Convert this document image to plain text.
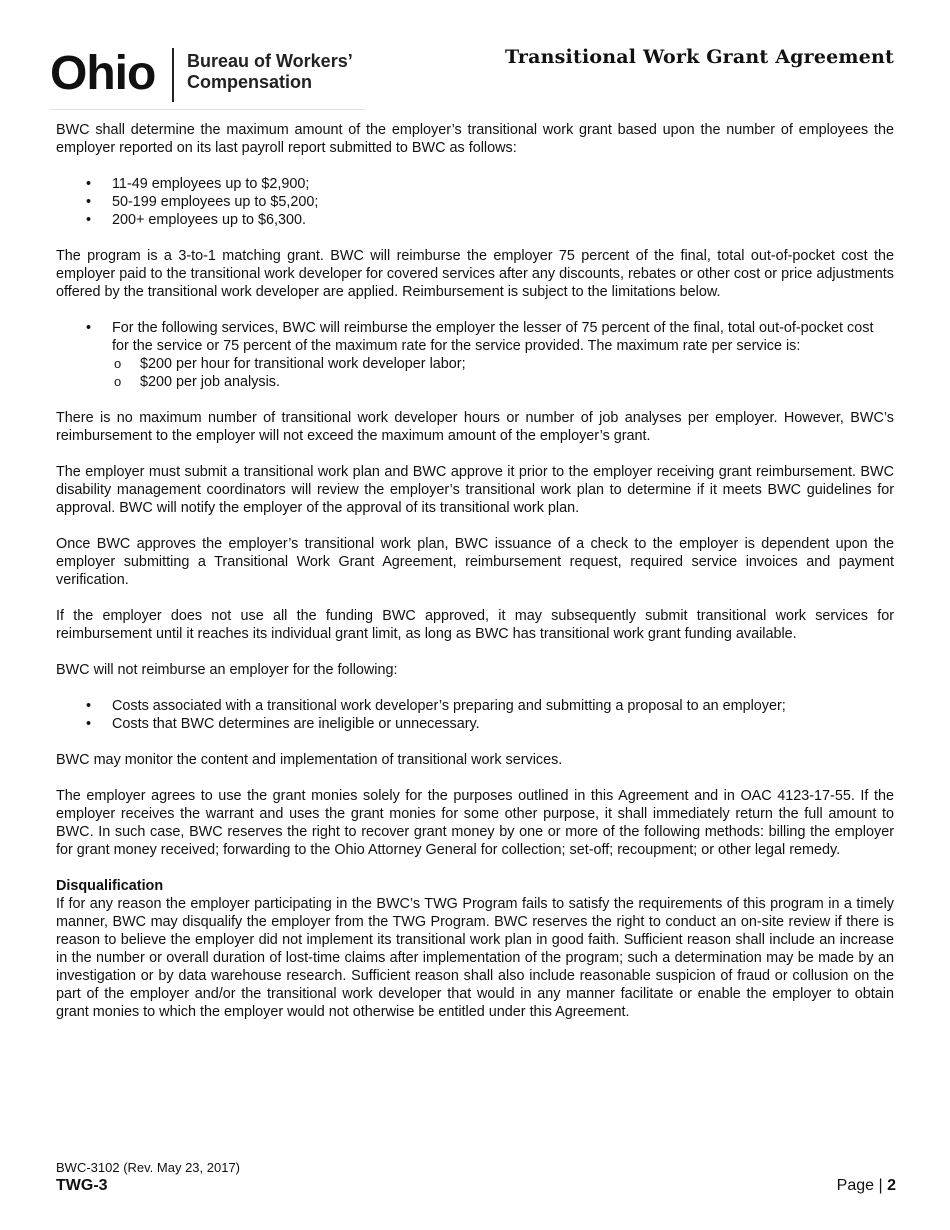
Ohio Bureau of Workers’
Compensation
Transitional Work Grant Agreement

BWC shall determine the maximum amount of the employer’s transitional work grant based upon the number of employees the employer reported on its last payroll report submitted to BWC as follows:

• 11-49 employees up to $2,900;
• 50-199 employees up to $5,200;
• 200+ employees up to $6,300.

The program is a 3-to-1 matching grant. BWC will reimburse the employer 75 percent of the final, total out-of-pocket cost the employer paid to the transitional work developer for covered services after any discounts, rebates or other cost or price adjustments offered by the transitional work developer are applied. Reimbursement is subject to the limitations below.

• For the following services, BWC will reimburse the employer the lesser of 75 percent of the final, total out-of-pocket cost for the service or 75 percent of the maximum rate for the service provided. The maximum rate per service is:
o $200 per hour for transitional work developer labor;
o $200 per job analysis.

There is no maximum number of transitional work developer hours or number of job analyses per employer. However, BWC’s reimbursement to the employer will not exceed the maximum amount of the employer’s grant.

The employer must submit a transitional work plan and BWC approve it prior to the employer receiving grant reimbursement. BWC disability management coordinators will review the employer’s transitional work plan to determine if it meets BWC guidelines for approval. BWC will notify the employer of the approval of its transitional work plan.

Once BWC approves the employer’s transitional work plan, BWC issuance of a check to the employer is dependent upon the employer submitting a Transitional Work Grant Agreement, reimbursement request, required service invoices and payment verification.

If the employer does not use all the funding BWC approved, it may subsequently submit transitional work services for reimbursement until it reaches its individual grant limit, as long as BWC has transitional work grant funding available.

BWC will not reimburse an employer for the following:

• Costs associated with a transitional work developer’s preparing and submitting a proposal to an employer;
• Costs that BWC determines are ineligible or unnecessary.

BWC may monitor the content and implementation of transitional work services.

The employer agrees to use the grant monies solely for the purposes outlined in this Agreement and in OAC 4123-17-55. If the employer receives the warrant and uses the grant monies for some other purpose, it shall immediately return the full amount to BWC. In such case, BWC reserves the right to recover grant money by one or more of the following methods: billing the employer for grant money received; forwarding to the Ohio Attorney General for collection; set-off; recoupment; or other legal remedy.

Disqualification
If for any reason the employer participating in the BWC’s TWG Program fails to satisfy the requirements of this program in a timely manner, BWC may disqualify the employer from the TWG Program. BWC reserves the right to conduct an on-site review if there is reason to believe the employer did not implement its transitional work plan in good faith. Sufficient reason shall include an increase in the number or overall duration of lost-time claims after implementation of the program; such a determination may be made by an investigation or by data warehouse research. Sufficient reason shall also include reasonable suspicion of fraud or collusion on the part of the employer and/or the transitional work developer that would in any manner facilitate or enable the employer to obtain grant monies to which the employer would not otherwise be entitled under this Agreement.
BWC-3102 (Rev. May 23, 2017)
TWG-3	Page | 2
